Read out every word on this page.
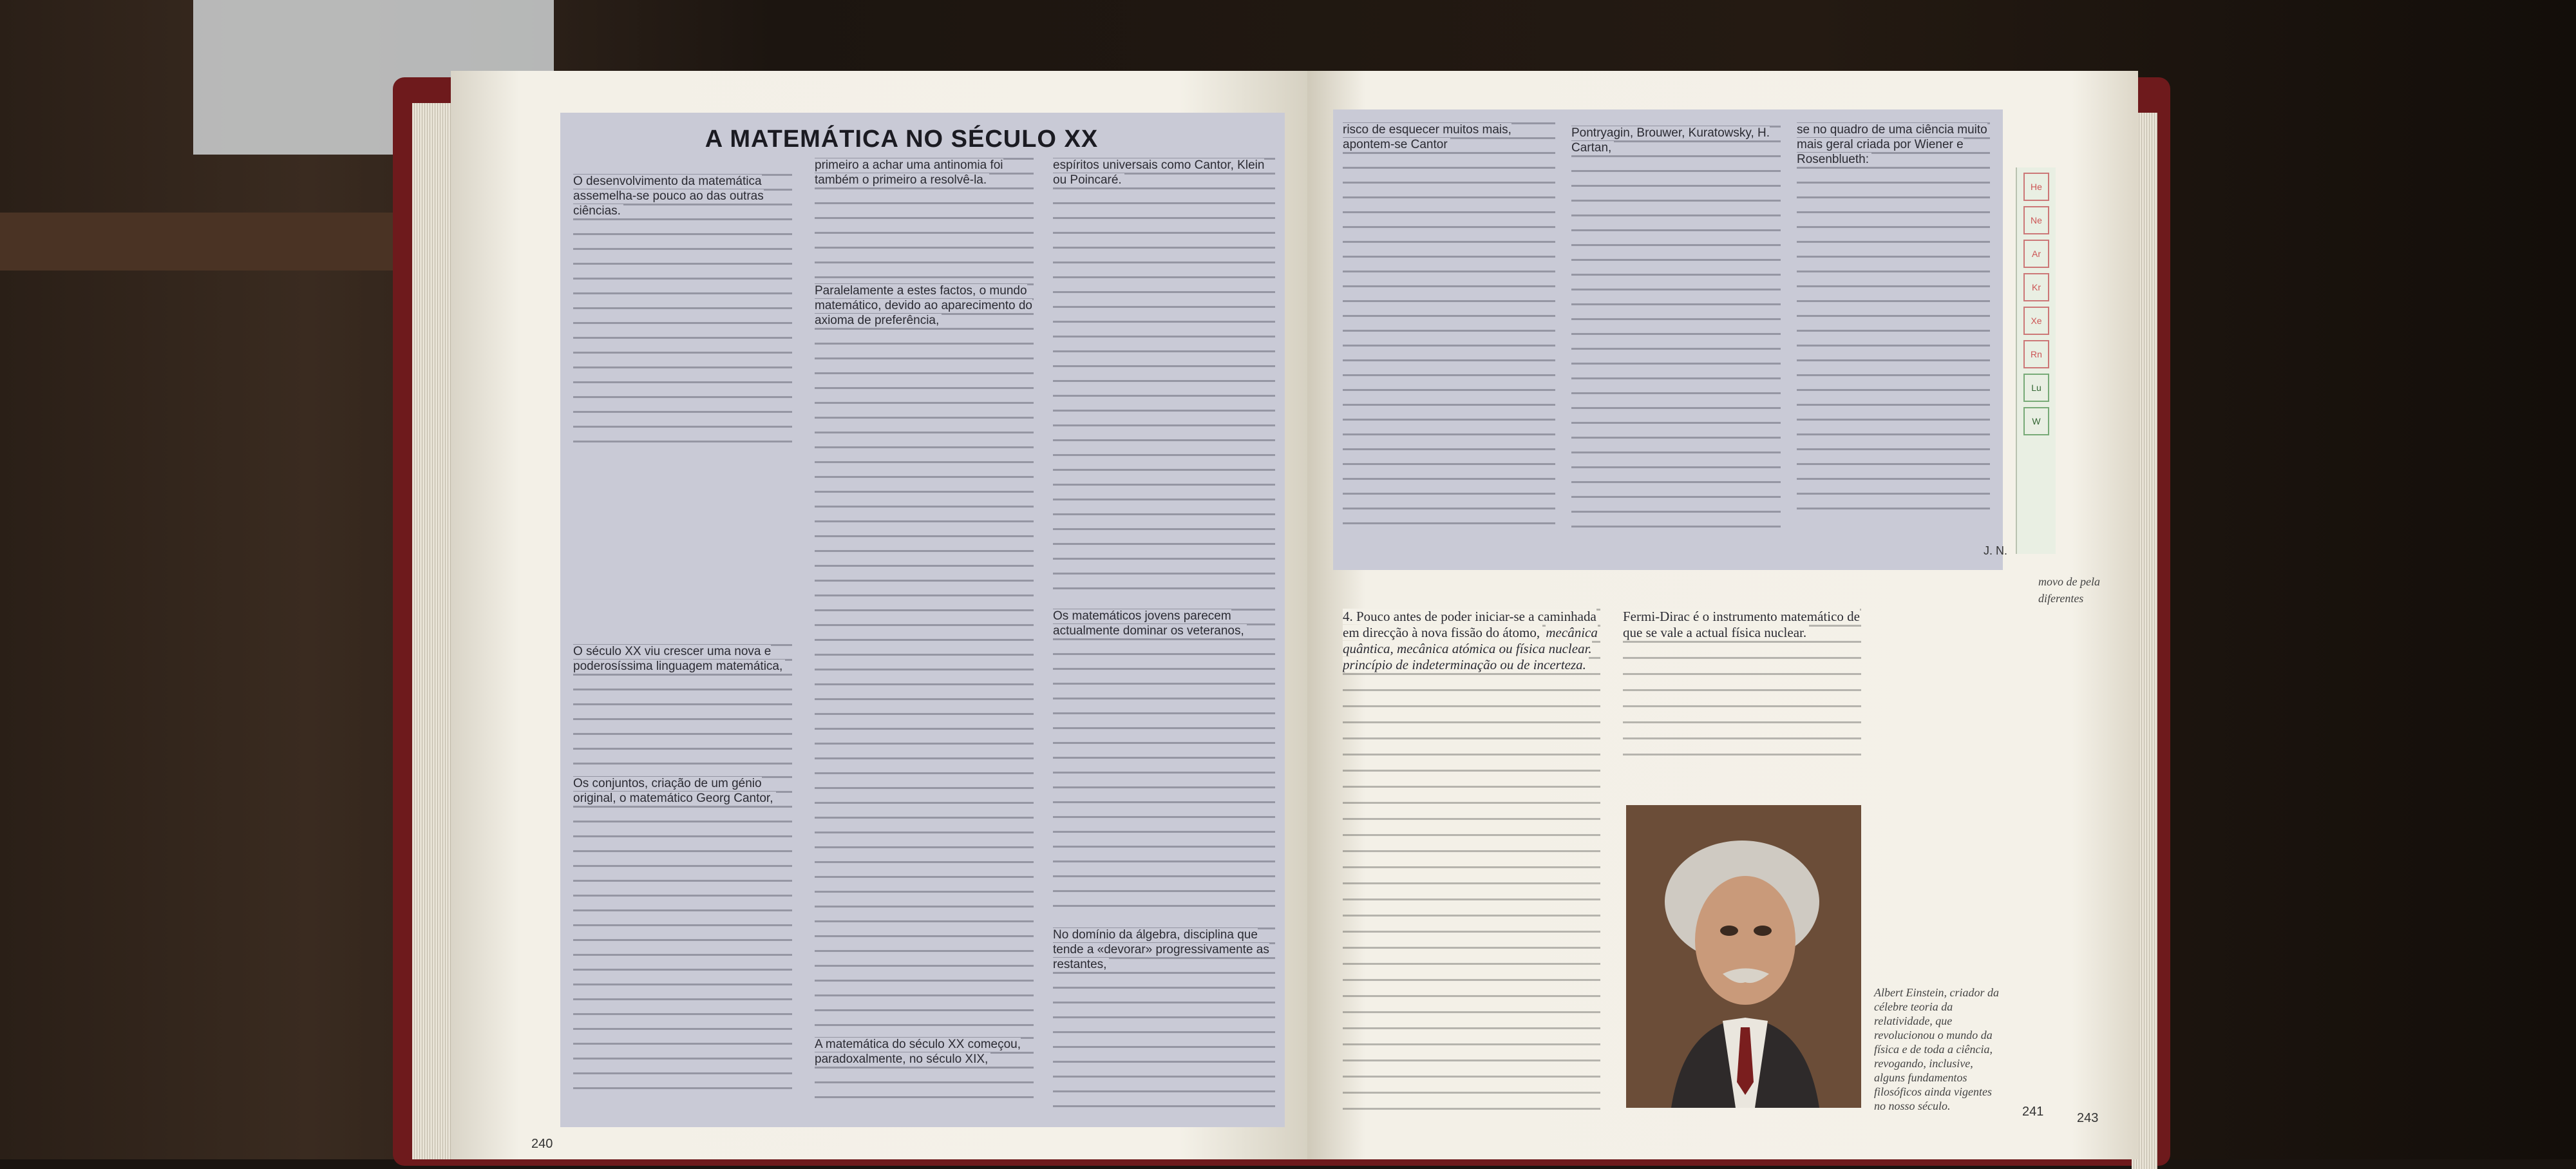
A MATEMÁTICA NO SÉCULO XX
O desenvolvimento da matemática assemelha-se pouco ao das outras ciências.
O século XX viu crescer uma nova e poderosíssima linguagem matemática,
Os conjuntos, criação de um génio original, o matemático Georg Cantor,
primeiro a achar uma antinomia foi também o primeiro a resolvê-la.
Paralelamente a estes factos, o mundo matemático, devido ao aparecimento do axioma de preferência,
A matemática do século XX começou, paradoxalmente, no século XIX,
espíritos universais como Cantor, Klein ou Poincaré.
Os matemáticos jovens parecem actualmente dominar os veteranos,
No domínio da álgebra, disciplina que tende a «devorar» progressivamente as restantes,
240
risco de esquecer muitos mais, apontem-se Cantor
Pontryagin, Brouwer, Kuratowsky, H. Cartan,
se no quadro de uma ciência muito mais geral criada por Wiener e Rosenblueth:
J. N.
4. Pouco antes de poder iniciar-se a caminhada em direcção à nova fissão do átomo, mecânica quântica, mecânica atómica ou física nuclear. princípio de indeterminação ou de incerteza.
Fermi-Dirac é o instrumento matemático de que se vale a actual física nuclear.
Albert Einstein, criador da célebre teoria da relatividade, que revolucionou o mundo da física e de toda a ciência, revogando, inclusive, alguns fundamentos filosóficos ainda vigentes no nosso século.	241
He
Ne
Ar
Kr
Xe
Rn
Lu
W
movo de pela diferentes
243
